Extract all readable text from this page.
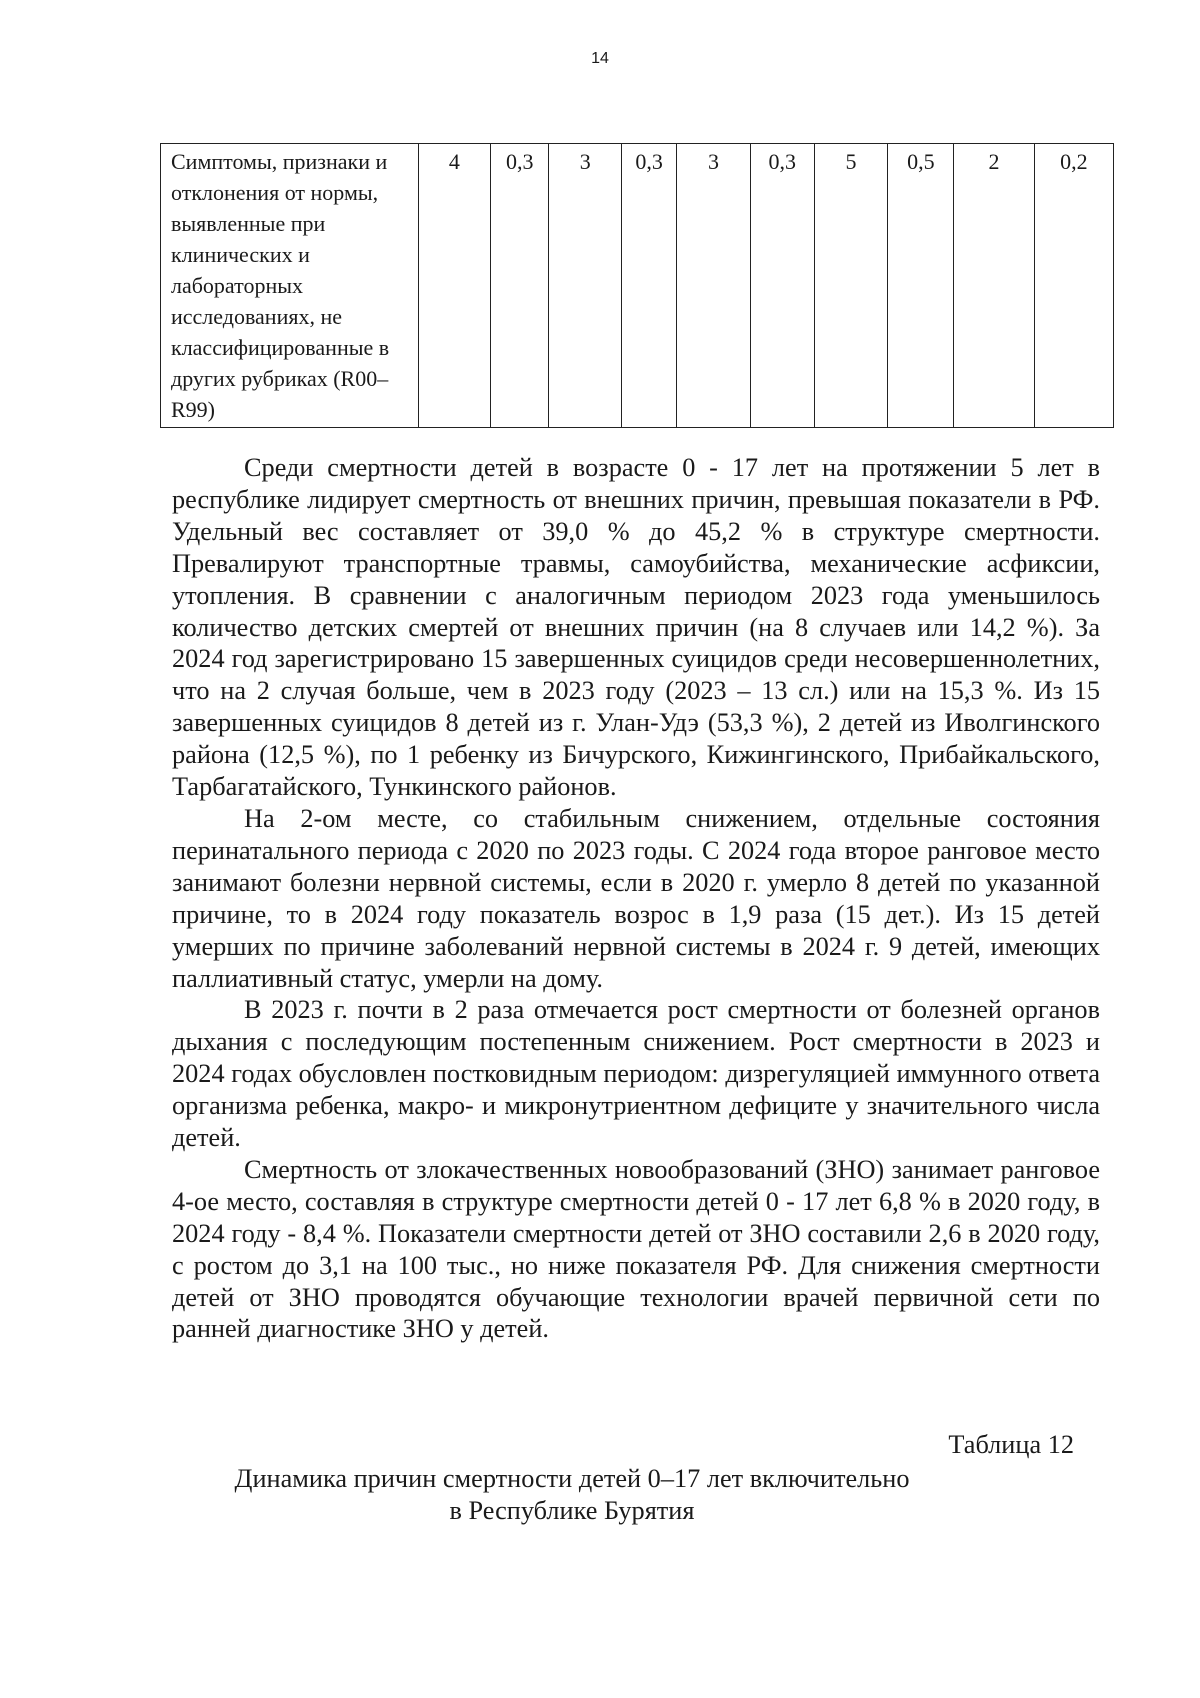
14
Симптомы, признаки и отклонения от нормы, выявленные при клинических и лабораторных исследованиях, не классифицированные в других рубриках (R00–R99)	4	0,3	3	0,3	3	0,3	5	0,5	2	0,2

Среди смертности детей в возрасте 0 - 17 лет на протяжении 5 лет в республике лидирует смертность от внешних причин, превышая показатели в РФ. Удельный вес составляет от 39,0 % до 45,2 % в структуре смертности. Превалируют транспортные травмы, самоубийства, механические асфиксии, утопления. В сравнении с аналогичным периодом 2023 года уменьшилось количество детских смертей от внешних причин (на 8 случаев или 14,2 %). За 2024 год зарегистрировано 15 завершенных суицидов среди несовершеннолетних, что на 2 случая больше, чем в 2023 году (2023 – 13 сл.) или на 15,3 %. Из 15 завершенных суицидов 8 детей из г. Улан-Удэ (53,3 %), 2 детей из Иволгинского района (12,5 %), по 1 ребенку из Бичурского, Кижингинского, Прибайкальского, Тарбагатайского, Тункинского районов.

На 2-ом месте, со стабильным снижением, отдельные состояния перинатального периода с 2020 по 2023 годы. С 2024 года второе ранговое место занимают болезни нервной системы, если в 2020 г. умерло 8 детей по указанной причине, то в 2024 году показатель возрос в 1,9 раза (15 дет.). Из 15 детей умерших по причине заболеваний нервной системы в 2024 г. 9 детей, имеющих паллиативный статус, умерли на дому.

В 2023 г. почти в 2 раза отмечается рост смертности от болезней органов дыхания с последующим постепенным снижением. Рост смертности в 2023 и 2024 годах обусловлен постковидным периодом: дизрегуляцией иммунного ответа организма ребенка, макро- и микронутриентном дефиците у значительного числа детей.

Смертность от злокачественных новообразований (ЗНО) занимает ранговое 4-ое место, составляя в структуре смертности детей 0 - 17 лет 6,8 % в 2020 году, в 2024 году - 8,4 %. Показатели смертности детей от ЗНО составили 2,6 в 2020 году, с ростом до 3,1 на 100 тыс., но ниже показателя РФ. Для снижения смертности детей от ЗНО проводятся обучающие технологии врачей первичной сети по ранней диагностике ЗНО у детей.

Таблица 12
Динамика причин смертности детей 0–17 лет включительно
в Республике Бурятия
